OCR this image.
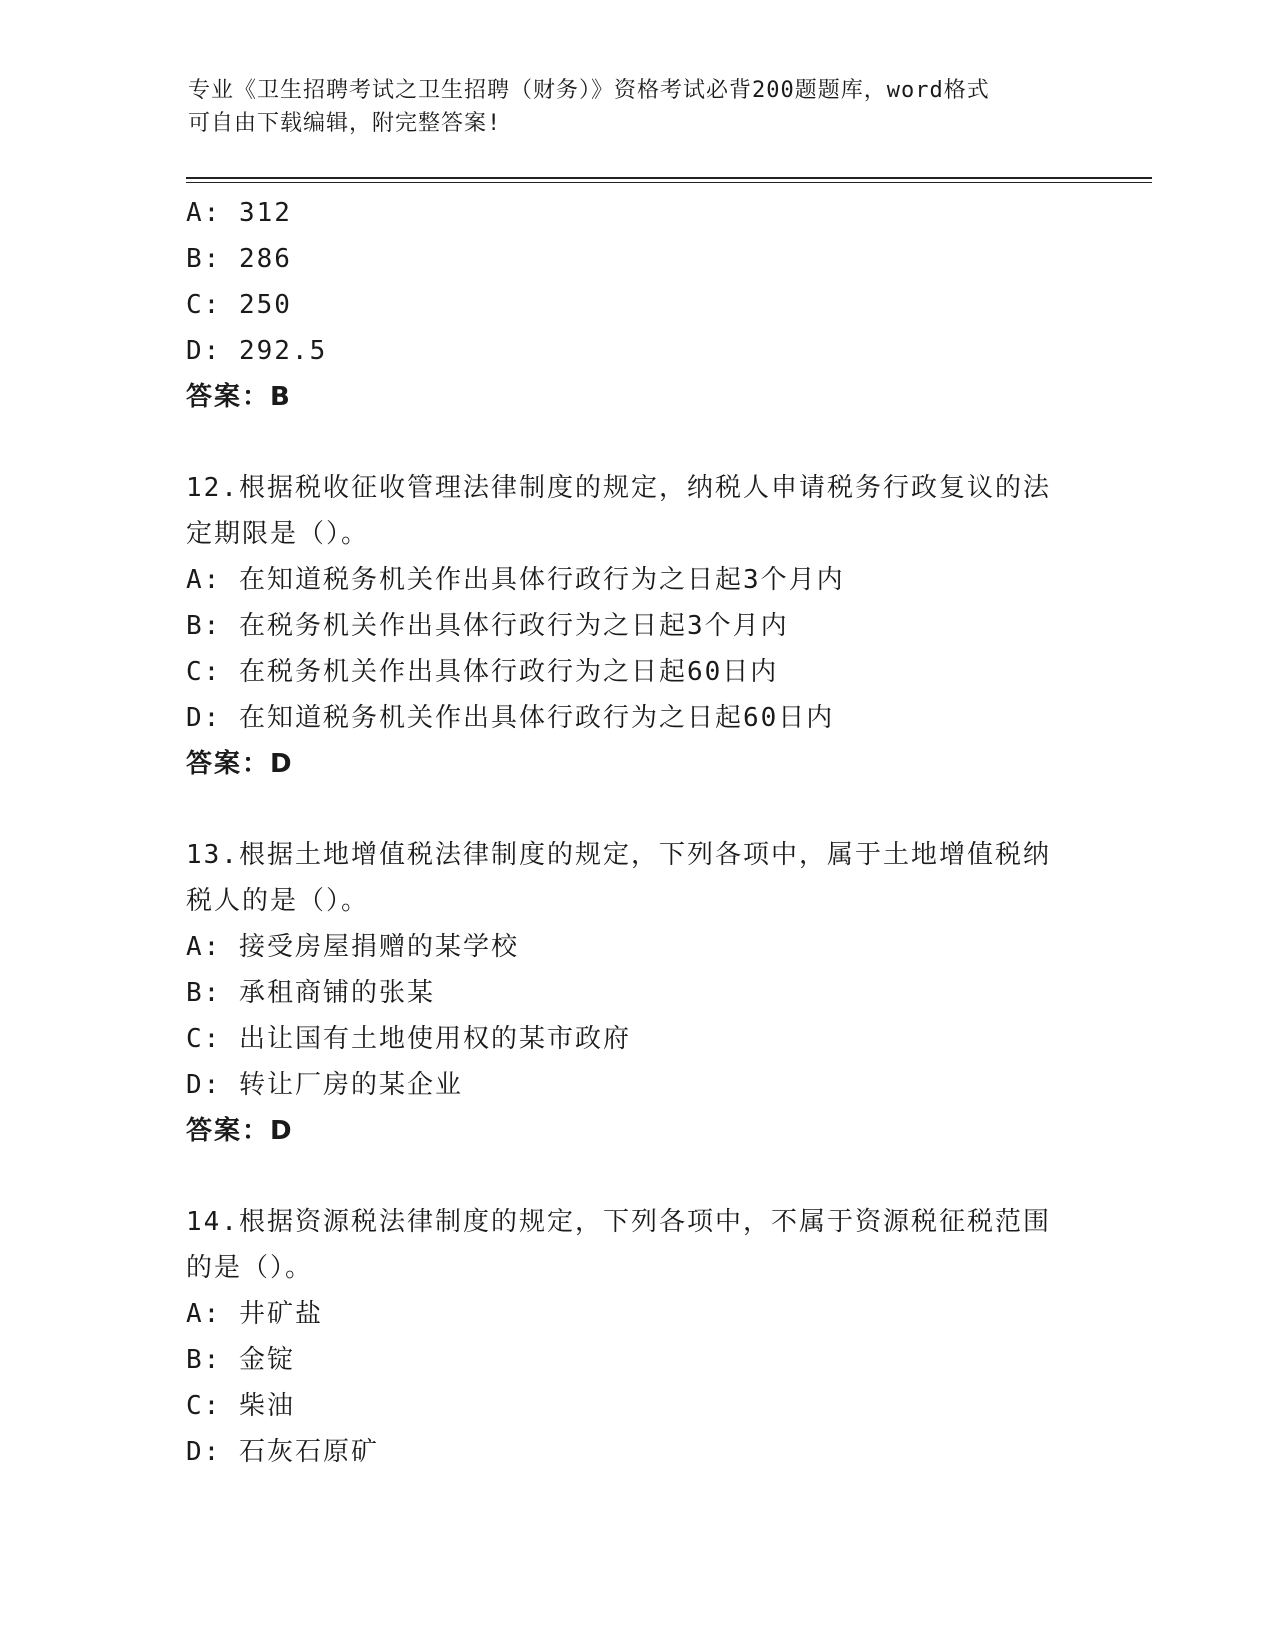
专业《卫生招聘考试之卫生招聘（财务）》资格考试必背200题题库，word格式
可自由下载编辑，附完整答案!
A: 312
B: 286
C: 250
D: 292.5
答案：B
12.根据税收征收管理法律制度的规定，纳税人申请税务行政复议的法
定期限是（）。
A: 在知道税务机关作出具体行政行为之日起3个月内
B: 在税务机关作出具体行政行为之日起3个月内
C: 在税务机关作出具体行政行为之日起60日内
D: 在知道税务机关作出具体行政行为之日起60日内
答案：D
13.根据土地增值税法律制度的规定，下列各项中，属于土地增值税纳
税人的是（）。
A: 接受房屋捐赠的某学校
B: 承租商铺的张某
C: 出让国有土地使用权的某市政府
D: 转让厂房的某企业
答案：D
14.根据资源税法律制度的规定，下列各项中，不属于资源税征税范围
的是（）。
A: 井矿盐
B: 金锭
C: 柴油
D: 石灰石原矿
